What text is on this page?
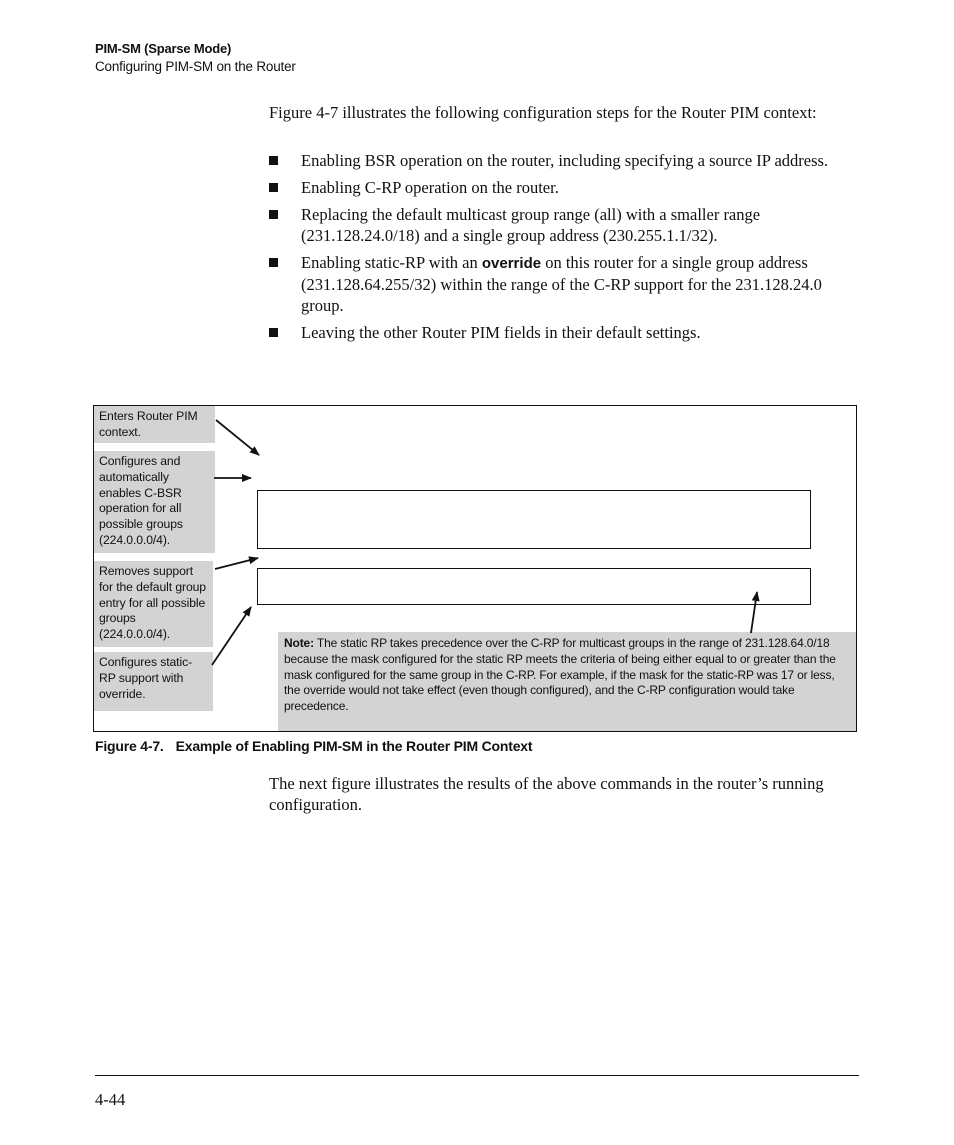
PIM-SM (Sparse Mode)
Configuring PIM-SM on the Router

Figure 4-7 illustrates the following configuration steps for the Router PIM context:

Enabling BSR operation on the router, including specifying a source IP address.
Enabling C-RP operation on the router.
Replacing the default multicast group range (all) with a smaller range (231.128.24.0/18) and a single group address (230.255.1.1/32).
Enabling static-RP with an override on this router for a single group address (231.128.64.255/32) within the range of the C-RP support for the 231.128.24.0 group.
Leaving the other Router PIM fields in their default settings.
Enters Router PIM context.
Configures and automatically enables C-BSR operation for all possible groups (224.0.0.0/4).
Removes support for the default group entry for all possible groups (224.0.0.0/4).
Configures static-RP support with override.
Note: The static RP takes precedence over the C-RP for multicast groups in the range of 231.128.64.0/18 because the mask configured for the static RP meets the criteria of being either equal to or greater than the mask configured for the same group in the C-RP. For example, if the mask for the static-RP was 17 or less, the override would not take effect (even though configured), and the C-RP configuration would take precedence.
Figure 4-7. Example of Enabling PIM-SM in the Router PIM Context

The next figure illustrates the results of the above commands in the router’s running configuration.

4-44
